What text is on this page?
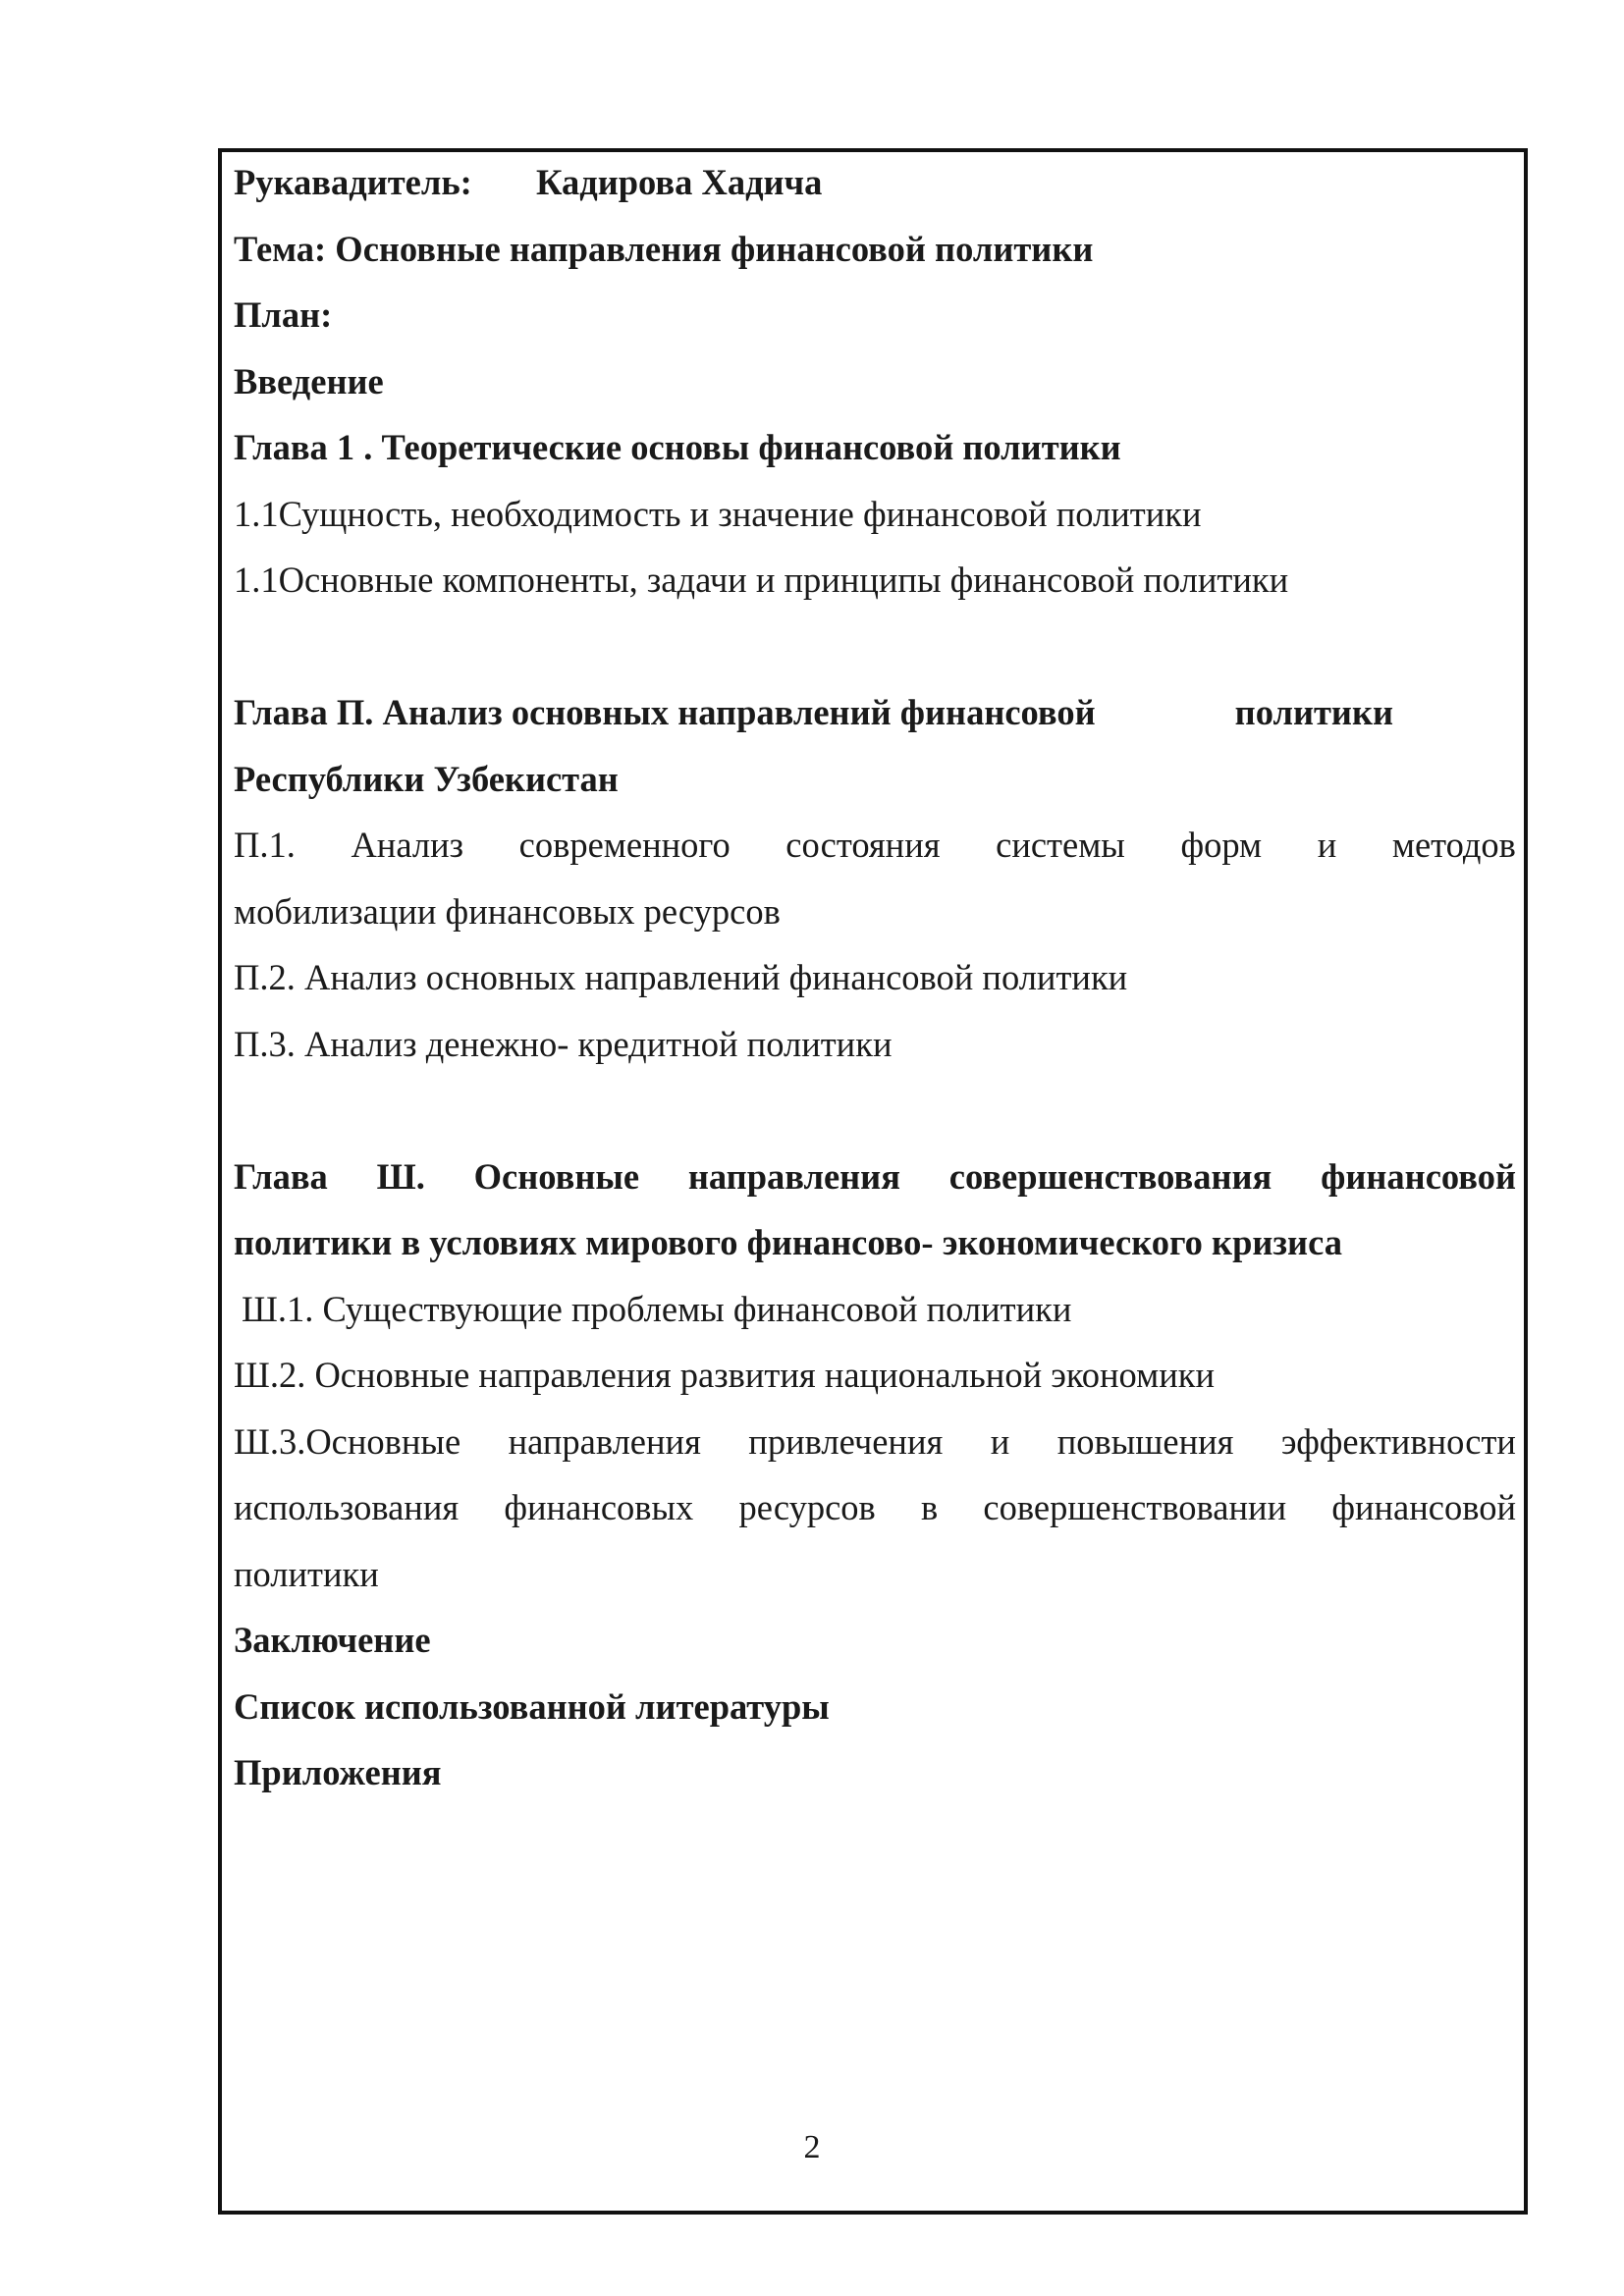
Рукавадитель: Кадирова Хадича
Тема: Основные направления финансовой политики
План:
Введение
Глава 1 . Теоретические основы финансовой политики
1.1Сущность, необходимость и значение финансовой политики
1.1Основные компоненты, задачи и принципы финансовой политики
Глава П. Анализ основных направлений финансовой	политики
Республики Узбекистан
П.1. Анализ современного состояния системы форм и методов
мобилизации финансовых ресурсов
П.2. Анализ основных направлений финансовой политики
П.3. Анализ денежно- кредитной политики
Глава Ш. Основные направления совершенствования финансовой
политики в условиях мирового финансово- экономического кризиса
Ш.1. Существующие проблемы финансовой политики
Ш.2. Основные направления развития национальной экономики
Ш.3.Основные направления привлечения и повышения эффективности
использования финансовых ресурсов в совершенствовании финансовой
политики
Заключение
Список использованной литературы
Приложения
2
